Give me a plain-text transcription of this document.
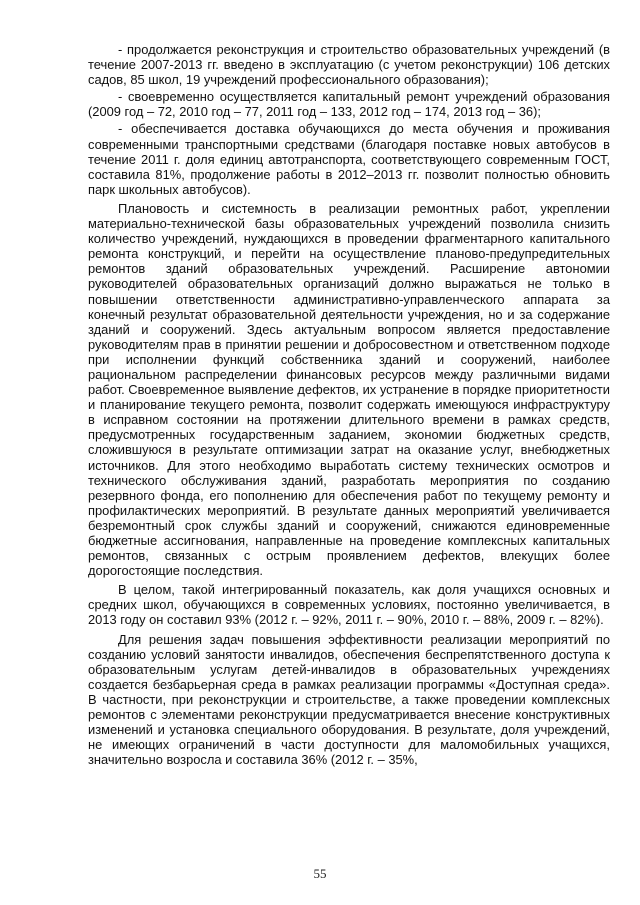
- продолжается реконструкция и строительство образовательных учреждений (в течение 2007-2013 гг. введено в эксплуатацию (с учетом реконструкции) 106 детских садов, 85 школ, 19 учреждений профессионального образования);

- своевременно осуществляется капитальный ремонт учреждений образования (2009 год – 72, 2010 год – 77, 2011 год – 133, 2012 год – 174, 2013 год – 36);

- обеспечивается доставка обучающихся до места обучения и проживания современными транспортными средствами (благодаря поставке новых автобусов в течение 2011 г. доля единиц автотранспорта, соответствующего современным ГОСТ, составила 81%, продолжение работы в 2012–2013 гг. позволит полностью обновить парк школьных автобусов).

Плановость и системность в реализации ремонтных работ, укреплении материально-технической базы образовательных учреждений позволила снизить количество учреждений, нуждающихся в проведении фрагментарного капитального ремонта конструкций, и перейти на осуществление планово-предупредительных ремонтов зданий образовательных учреждений. Расширение автономии руководителей образовательных организаций должно выражаться не только в повышении ответственности административно-управленческого аппарата за конечный результат образовательной деятельности учреждения, но и за содержание зданий и сооружений. Здесь актуальным вопросом является предоставление руководителям прав в принятии решении и добросовестном и ответственном подходе при исполнении функций собственника зданий и сооружений, наиболее рациональном распределении финансовых ресурсов между различными видами работ. Своевременное выявление дефектов, их устранение в порядке приоритетности и планирование текущего ремонта, позволит содержать имеющуюся инфраструктуру в исправном состоянии на протяжении длительного времени в рамках средств, предусмотренных государственным заданием, экономии бюджетных средств, сложившуюся в результате оптимизации затрат на оказание услуг, внебюджетных источников. Для этого необходимо выработать систему технических осмотров и технического обслуживания зданий, разработать мероприятия по созданию резервного фонда, его пополнению для обеспечения работ по текущему ремонту и профилактических мероприятий. В результате данных мероприятий увеличивается безремонтный срок службы зданий и сооружений, снижаются единовременные бюджетные ассигнования, направленные на проведение комплексных капитальных ремонтов, связанных с острым проявлением дефектов, влекущих более дорогостоящие последствия.

В целом, такой интегрированный показатель, как доля учащихся основных и средних школ, обучающихся в современных условиях, постоянно увеличивается, в 2013 году он составил 93% (2012 г. – 92%, 2011 г. – 90%, 2010 г. – 88%, 2009 г. – 82%).

Для решения задач повышения эффективности реализации мероприятий по созданию условий занятости инвалидов, обеспечения беспрепятственного доступа к образовательным услугам детей-инвалидов в образовательных учреждениях создается безбарьерная среда в рамках реализации программы «Доступная среда». В частности, при реконструкции и строительстве, а также проведении комплексных ремонтов с элементами реконструкции предусматривается внесение конструктивных изменений и установка специального оборудования. В результате, доля учреждений, не имеющих ограничений в части доступности для маломобильных учащихся, значительно возросла и составила 36% (2012 г. – 35%,

55
